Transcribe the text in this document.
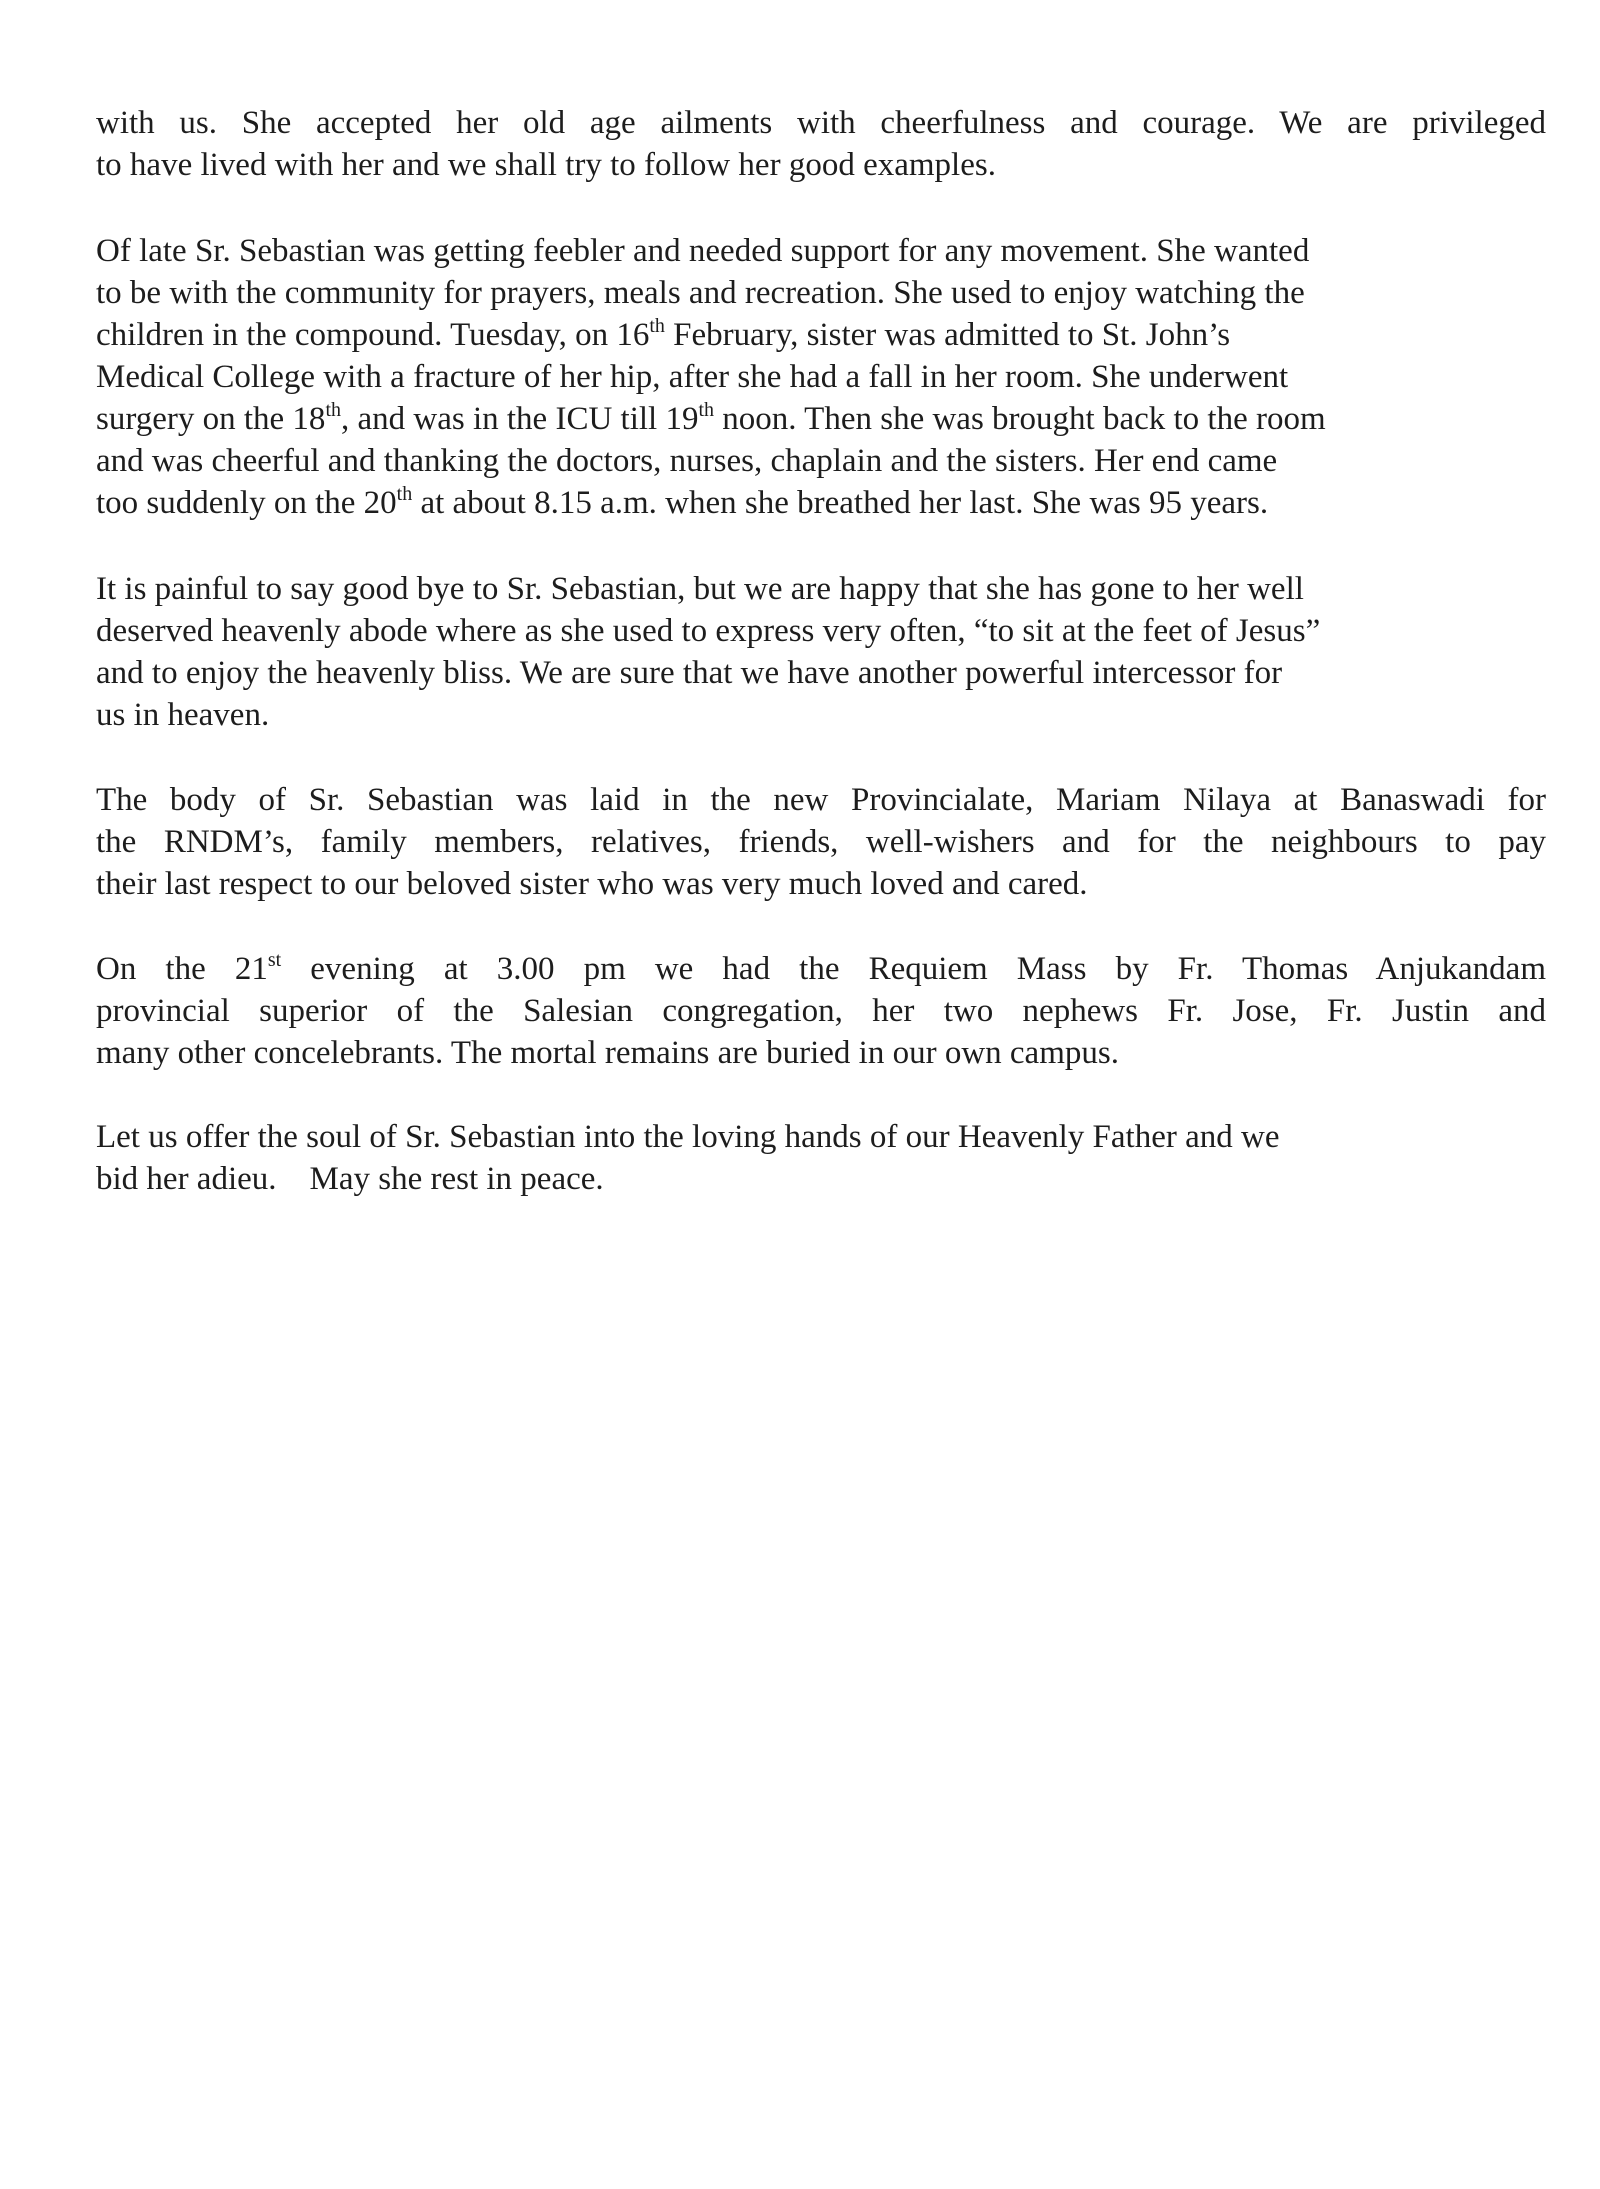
with us. She accepted her old age ailments with cheerfulness and courage. We are privileged
to have lived with her and we shall try to follow her good examples.
Of late Sr. Sebastian was getting feebler and needed support for any movement. She wanted
to be with the community for prayers, meals and recreation. She used to enjoy watching the
children in the compound. Tuesday, on 16th February, sister was admitted to St. John’s
Medical College with a fracture of her hip, after she had a fall in her room. She underwent
surgery on the 18th, and was in the ICU till 19th noon. Then she was brought back to the room
and was cheerful and thanking the doctors, nurses, chaplain and the sisters. Her end came
too suddenly on the 20th at about 8.15 a.m. when she breathed her last. She was 95 years.
It is painful to say good bye to Sr. Sebastian, but we are happy that she has gone to her well
deserved heavenly abode where as she used to express very often, “to sit at the feet of Jesus”
and to enjoy the heavenly bliss. We are sure that we have another powerful intercessor for
us in heaven.
The body of Sr. Sebastian was laid in the new Provincialate, Mariam Nilaya at Banaswadi for
the RNDM’s, family members, relatives, friends, well-wishers and for the neighbours to pay
their last respect to our beloved sister who was very much loved and cared.
On the 21st evening at 3.00 pm we had the Requiem Mass by Fr. Thomas Anjukandam
provincial superior of the Salesian congregation, her two nephews Fr. Jose, Fr. Justin and
many other concelebrants. The mortal remains are buried in our own campus.
Let us offer the soul of Sr. Sebastian into the loving hands of our Heavenly Father and we
bid her adieu.    May she rest in peace.
